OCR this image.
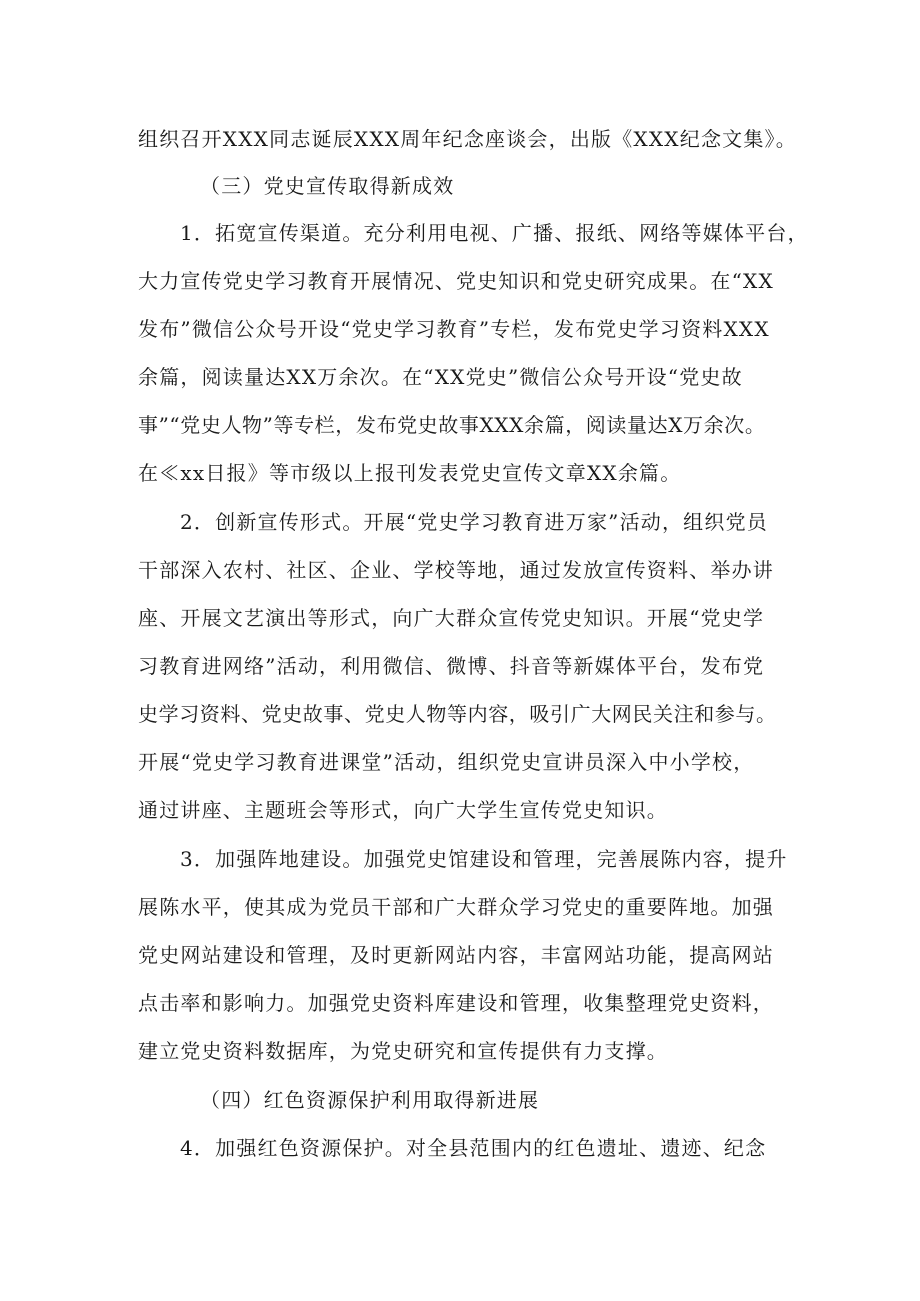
组织召开XXX同志诞辰XXX周年纪念座谈会，出版《XXX纪念文集》。
（三）党史宣传取得新成效
1．拓宽宣传渠道。充分利用电视、广播、报纸、网络等媒体平台，
大力宣传党史学习教育开展情况、党史知识和党史研究成果。在“XX
发布”微信公众号开设“党史学习教育”专栏，发布党史学习资料XXX
余篇，阅读量达XX万余次。在“XX党史”微信公众号开设“党史故
事”“党史人物”等专栏，发布党史故事XXX余篇，阅读量达X万余次。
在≪xx日报》等市级以上报刊发表党史宣传文章XX余篇。
2．创新宣传形式。开展“党史学习教育进万家”活动，组织党员
干部深入农村、社区、企业、学校等地，通过发放宣传资料、举办讲
座、开展文艺演出等形式，向广大群众宣传党史知识。开展“党史学
习教育进网络”活动，利用微信、微博、抖音等新媒体平台，发布党
史学习资料、党史故事、党史人物等内容，吸引广大网民关注和参与。
开展“党史学习教育进课堂”活动，组织党史宣讲员深入中小学校，
通过讲座、主题班会等形式，向广大学生宣传党史知识。
3．加强阵地建设。加强党史馆建设和管理，完善展陈内容，提升
展陈水平，使其成为党员干部和广大群众学习党史的重要阵地。加强
党史网站建设和管理，及时更新网站内容，丰富网站功能，提高网站
点击率和影响力。加强党史资料库建设和管理，收集整理党史资料，
建立党史资料数据库，为党史研究和宣传提供有力支撑。
（四）红色资源保护利用取得新进展
4．加强红色资源保护。对全县范围内的红色遗址、遗迹、纪念
